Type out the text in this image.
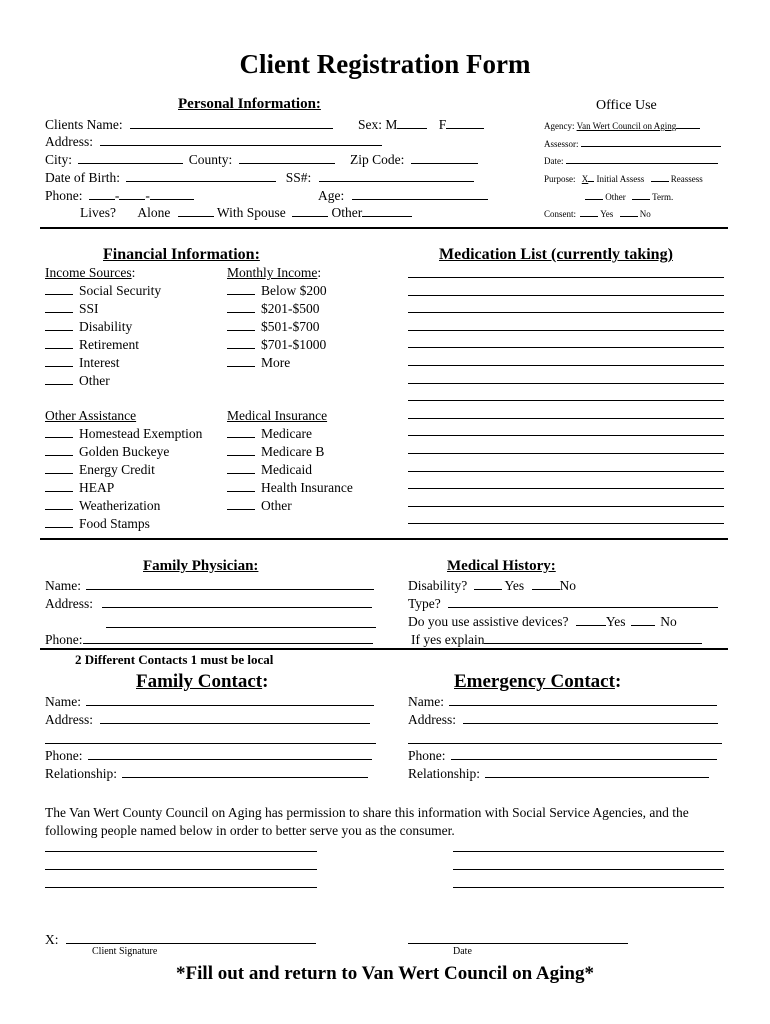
Client Registration Form
Personal Information:
Clients Name:	Sex: M	F
Address:
City:	County:	Zip Code:
Date of Birth:	SS#:
Phone: - -	Age:
Lives? Alone	With Spouse	Other
Office Use
Agency: Van Wert Council on Aging
Assessor:
Date:
Purpose: X Initial Assess	Reassess
Other	Term.
Consent:	Yes	No
Financial Information:
Income Sources:
Social Security
SSI
Disability
Retirement
Interest
Other
Monthly Income:
Below $200
$201-$500
$501-$700
$701-$1000
More
Other Assistance
Homestead Exemption
Golden Buckeye
Energy Credit
HEAP
Weatherization
Food Stamps
Medical Insurance
Medicare
Medicare B
Medicaid
Health Insurance
Other
Medication List (currently taking)
Family Physician:
Name:
Address:
Phone:
Medical History:
Disability?	Yes	No
Type?
Do you use assistive devices?	Yes	No
If yes explain
2 Different Contacts 1 must be local
Family Contact:
Name:
Address:
Phone:
Relationship:
Emergency Contact:
Name:
Address:
Phone:
Relationship:
The Van Wert County Council on Aging has permission to share this information with Social Service Agencies, and the following people named below in order to better serve you as the consumer.
X:
Client Signature	Date
*Fill out and return to Van Wert Council on Aging*
